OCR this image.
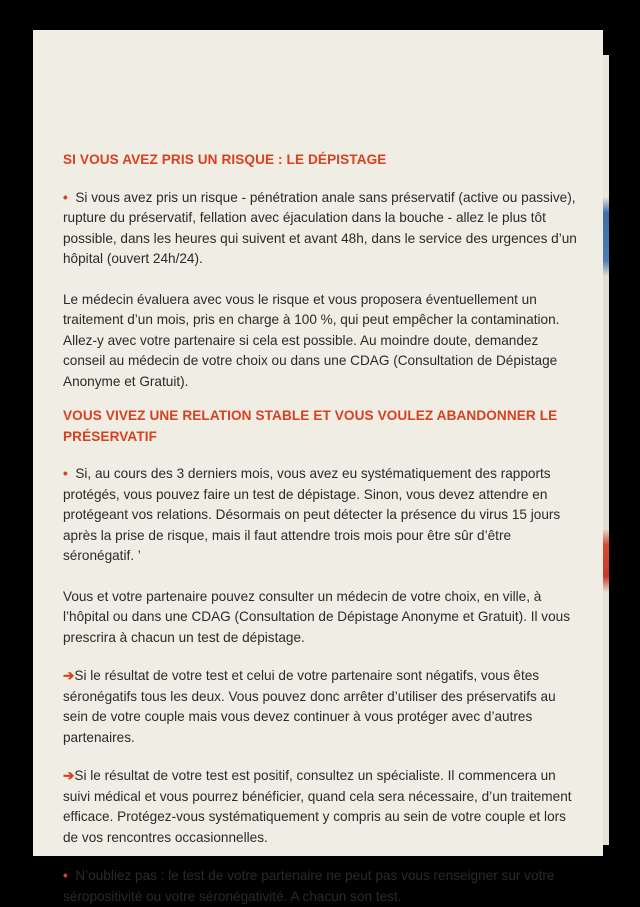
SI VOUS AVEZ PRIS UN RISQUE : LE DÉPISTAGE

• Si vous avez pris un risque - pénétration anale sans préservatif (active ou passive), rupture du préservatif, fellation avec éjaculation dans la bouche - allez le plus tôt possible, dans les heures qui suivent et avant 48h, dans le service des urgences d’un hôpital (ouvert 24h/24).

Le médecin évaluera avec vous le risque et vous proposera éventuellement un traitement d’un mois, pris en charge à 100 %, qui peut empêcher la contamination. Allez-y avec votre partenaire si cela est possible. Au moindre doute, demandez conseil au médecin de votre choix ou dans une CDAG (Consultation de Dépistage Anonyme et Gratuit).

VOUS VIVEZ UNE RELATION STABLE ET VOUS VOULEZ ABANDONNER LE PRÉSERVATIF

• Si, au cours des 3 derniers mois, vous avez eu systématiquement des rapports protégés, vous pouvez faire un test de dépistage. Sinon, vous devez attendre en protégeant vos relations. Désormais on peut détecter la présence du virus 15 jours après la prise de risque, mais il faut attendre trois mois pour être sûr d’être séronégatif. ’

Vous et votre partenaire pouvez consulter un médecin de votre choix, en ville, à l’hôpital ou dans une CDAG (Consultation de Dépistage Anonyme et Gratuit). Il vous prescrira à chacun un test de dépistage.

➔Si le résultat de votre test et celui de votre partenaire sont négatifs, vous êtes séronégatifs tous les deux. Vous pouvez donc arrêter d’utiliser des préservatifs au sein de votre couple mais vous devez continuer à vous protéger avec d’autres partenaires.

➔Si le résultat de votre test est positif, consultez un spécialiste. Il commencera un suivi médical et vous pourrez bénéficier, quand cela sera nécessaire, d’un traitement efficace. Protégez-vous systématiquement y compris au sein de votre couple et lors de vos rencontres occasionnelles.

• N’oubliez pas : le test de votre partenaire ne peut pas vous renseigner sur votre séropositivité ou votre séronégativité. A chacun son test.
